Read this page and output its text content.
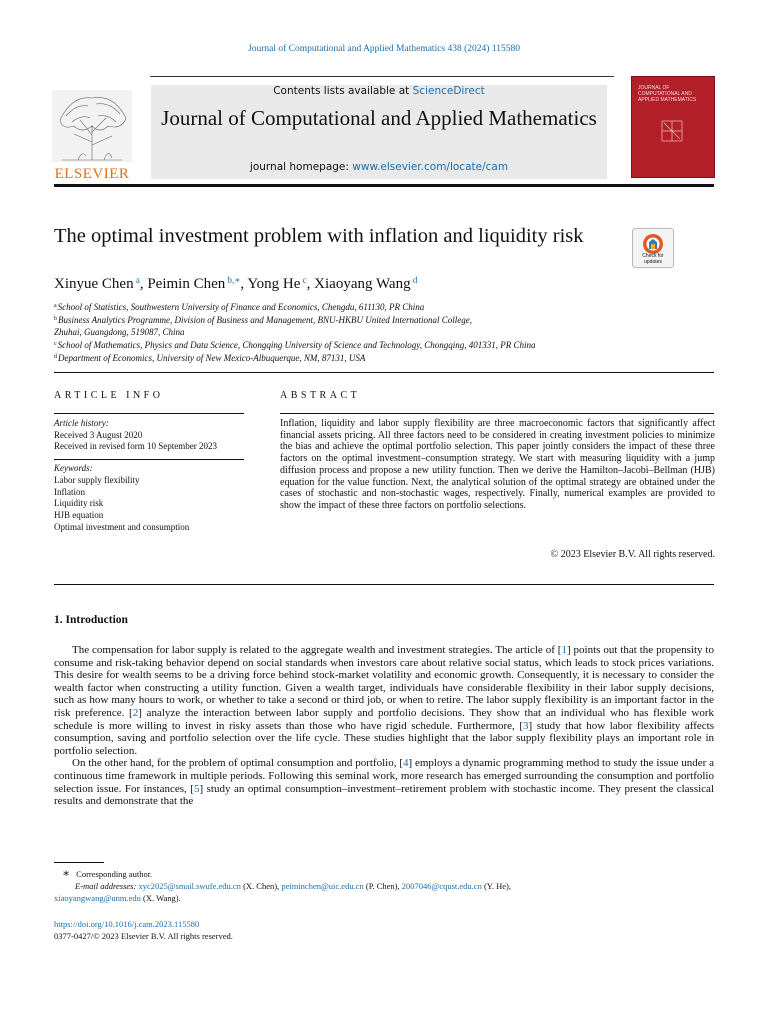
Journal of Computational and Applied Mathematics 438 (2024) 115580
ELSEVIER
Contents lists available at ScienceDirect
Journal of Computational and Applied Mathematics
journal homepage: www.elsevier.com/locate/cam
JOURNAL OF COMPUTATIONAL AND APPLIED MATHEMATICS
The optimal investment problem with inflation and liquidity risk
Check for updates
Xinyue Chen $^a$, Peimin Chen $^{b,∗}$, Yong He $^c$, Xiaoyang Wang $^d$
$^a$School of Statistics, Southwestern University of Finance and Economics, Chengdu, 611130, PR China
$^b$Business Analytics Programme, Division of Business and Management, BNU-HKBU United International College,
Zhuhai, Guangdong, 519087, China
$^c$School of Mathematics, Physics and Data Science, Chongqing University of Science and Technology, Chongqing, 401331, PR China
$^d$Department of Economics, University of New Mexico-Albuquerque, NM, 87131, USA
ARTICLE INFO	ABSTRACT
Article history:
Received 3 August 2020
Received in revised form 10 September 2023
Keywords:
Labor supply flexibility
Inflation
Liquidity risk
HJB equation
Optimal investment and consumption
Inflation, liquidity and labor supply flexibility are three macroeconomic factors that significantly affect financial assets pricing. All three factors need to be considered in creating investment policies to minimize the bias and achieve the optimal portfolio selection. This paper jointly considers the impact of these three factors on the optimal investment–consumption strategy. We start with measuring liquidity with a jump diffusion process and propose a new utility function. Then we derive the Hamilton–Jacobi–Bellman (HJB) equation for the value function. Next, the analytical solution of the optimal strategy are obtained under the cases of stochastic and non-stochastic wages, respectively. Finally, numerical examples are provided to show the impact of these three factors on portfolio selections.
© 2023 Elsevier B.V. All rights reserved.
1. Introduction

The compensation for labor supply is related to the aggregate wealth and investment strategies. The article of [1] points out that the propensity to consume and risk-taking behavior depend on social standards when investors care about relative social status, which leads to stock prices variations. This desire for wealth seems to be a driving force behind stock-market volatility and economic growth. Consequently, it is necessary to consider the wealth factor when constructing a utility function. Given a wealth target, individuals have considerable flexibility in their labor supply decisions, such as how many hours to work, or whether to take a second or third job, or when to retire. The labor supply flexibility is an important factor in the risk preference. [2] analyze the interaction between labor supply and portfolio decisions. They show that an individual who has flexible work schedule is more willing to invest in risky assets than those who have rigid schedule. Furthermore, [3] study that how labor flexibility affects consumption, saving and portfolio selection over the life cycle. These studies highlight that the labor supply flexibility plays an important role in portfolio selection.

On the other hand, for the problem of optimal consumption and portfolio, [4] employs a dynamic programming method to study the issue under a continuous time framework in multiple periods. Following this seminal work, more research has emerged surrounding the consumption and portfolio selection issue. For instances, [5] study an optimal consumption–investment–retirement problem with stochastic income. They present the classical results and demonstrate that the

∗ Corresponding author.
E-mail addresses: xyc2025@smail.swufe.edu.cn (X. Chen), peiminchen@uic.edu.cn (P. Chen), 2007046@cqust.edu.cn (Y. He),
xiaoyangwang@unm.edu (X. Wang).
https://doi.org/10.1016/j.cam.2023.115580
0377-0427/© 2023 Elsevier B.V. All rights reserved.
